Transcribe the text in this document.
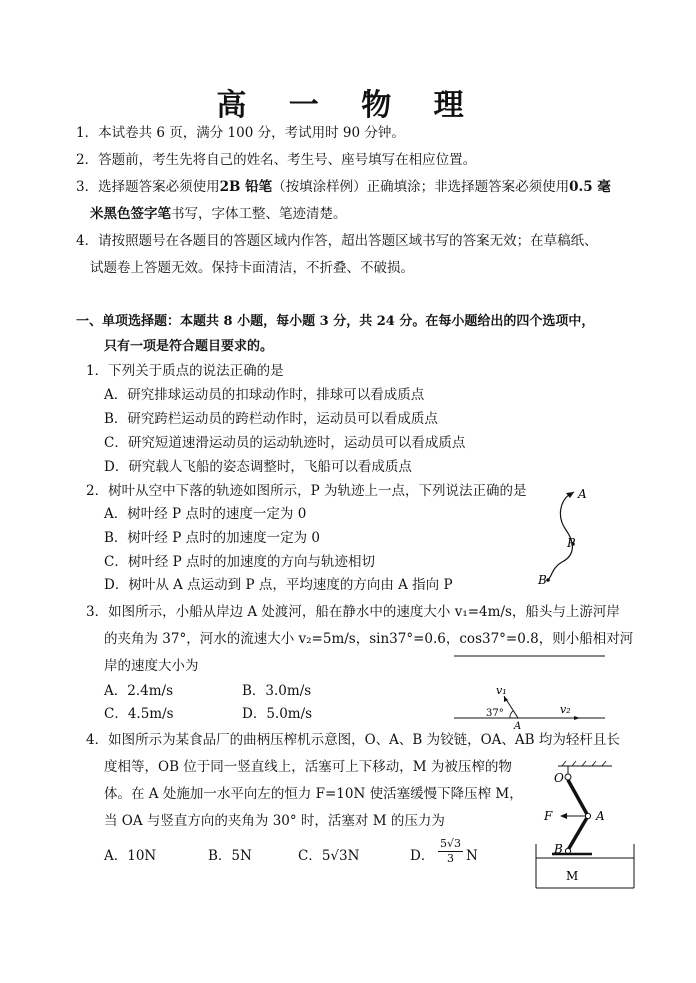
高 一 物 理
1．本试卷共 6 页，满分 100 分，考试用时 90 分钟。
2．答题前，考生先将自己的姓名、考生号、座号填写在相应位置。
3．选择题答案必须使用2B 铅笔（按填涂样例）正确填涂；非选择题答案必须使用0.5 毫
米黑色签字笔书写，字体工整、笔迹清楚。
4．请按照题号在各题目的答题区域内作答，超出答题区域书写的答案无效；在草稿纸、
试题卷上答题无效。保持卡面清洁，不折叠、不破损。
一、单项选择题：本题共 8 小题，每小题 3 分，共 24 分。在每小题给出的四个选项中，
只有一项是符合题目要求的。
1．下列关于质点的说法正确的是
A．研究排球运动员的扣球动作时，排球可以看成质点
B．研究跨栏运动员的跨栏动作时，运动员可以看成质点
C．研究短道速滑运动员的运动轨迹时，运动员可以看成质点
D．研究载人飞船的姿态调整时，飞船可以看成质点
2．树叶从空中下落的轨迹如图所示，P 为轨迹上一点，下列说法正确的是
A．树叶经 P 点时的速度一定为 0
B．树叶经 P 点时的加速度一定为 0
C．树叶经 P 点时的加速度的方向与轨迹相切
D．树叶从 A 点运动到 P 点，平均速度的方向由 A 指向 P
A
P
B
3．如图所示，小船从岸边 A 处渡河，船在静水中的速度大小 v₁=4m/s，船头与上游河岸
的夹角为 37°，河水的流速大小 v₂=5m/s，sin37°=0.6，cos37°=0.8，则小船相对河
岸的速度大小为
A．2.4m/s	B．3.0m/s
C．4.5m/s	D．5.0m/s
v₁
v₂
37°
A
4．如图所示为某食品厂的曲柄压榨机示意图，O、A、B 为铰链，OA、AB 均为轻杆且长
度相等，OB 位于同一竖直线上，活塞可上下移动，M 为被压榨的物
体。在 A 处施加一水平向左的恒力 F=10N 使活塞缓慢下降压榨 M，
当 OA 与竖直方向的夹角为 30° 时，活塞对 M 的压力为
A．10N	B．5N	C．5√3N	D． $\frac{5√3}{3}$ N
O
A
F
B
M
